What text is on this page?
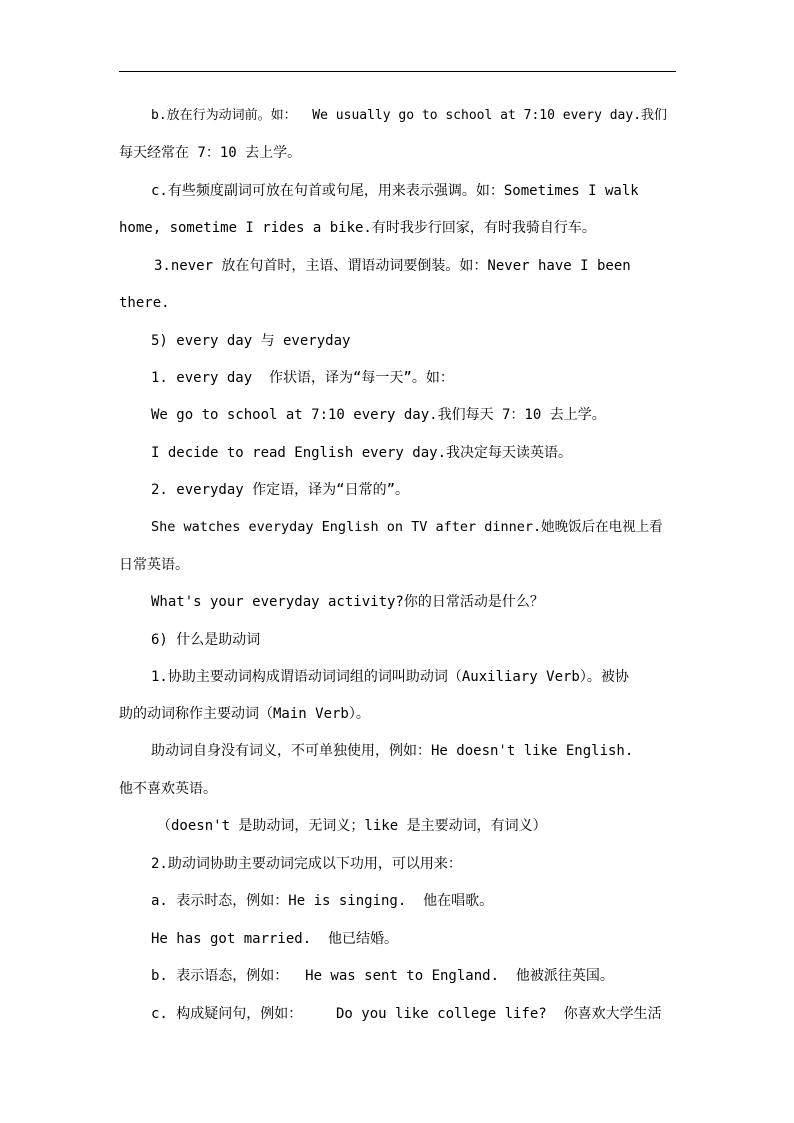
b.放在行为动词前。如：  We usually go to school at 7:10 every day.我们
每天经常在 7：10 去上学。
c.有些频度副词可放在句首或句尾，用来表示强调。如：Sometimes I walk
home, sometime I rides a bike.有时我步行回家，有时我骑自行车。
3.never 放在句首时，主语、谓语动词要倒装。如：Never have I been
there.
5) every day 与 everyday
1. every day  作状语，译为“每一天”。如：
We go to school at 7:10 every day.我们每天 7：10 去上学。
I decide to read English every day.我决定每天读英语。
2. everyday 作定语，译为“日常的”。
She watches everyday English on TV after dinner.她晚饭后在电视上看
日常英语。
What's your everyday activity?你的日常活动是什么？
6) 什么是助动词
1.协助主要动词构成谓语动词词组的词叫助动词（Auxiliary Verb）。被协
助的动词称作主要动词（Main Verb）。
助动词自身没有词义，不可单独使用，例如：He doesn't like English.
他不喜欢英语。
（doesn't 是助动词，无词义；like 是主要动词，有词义）
2.助动词协助主要动词完成以下功用，可以用来：
a. 表示时态，例如：He is singing.  他在唱歌。
He has got married.  他已结婚。
b. 表示语态，例如：  He was sent to England.  他被派往英国。
c. 构成疑问句，例如：    Do you like college life?  你喜欢大学生活
